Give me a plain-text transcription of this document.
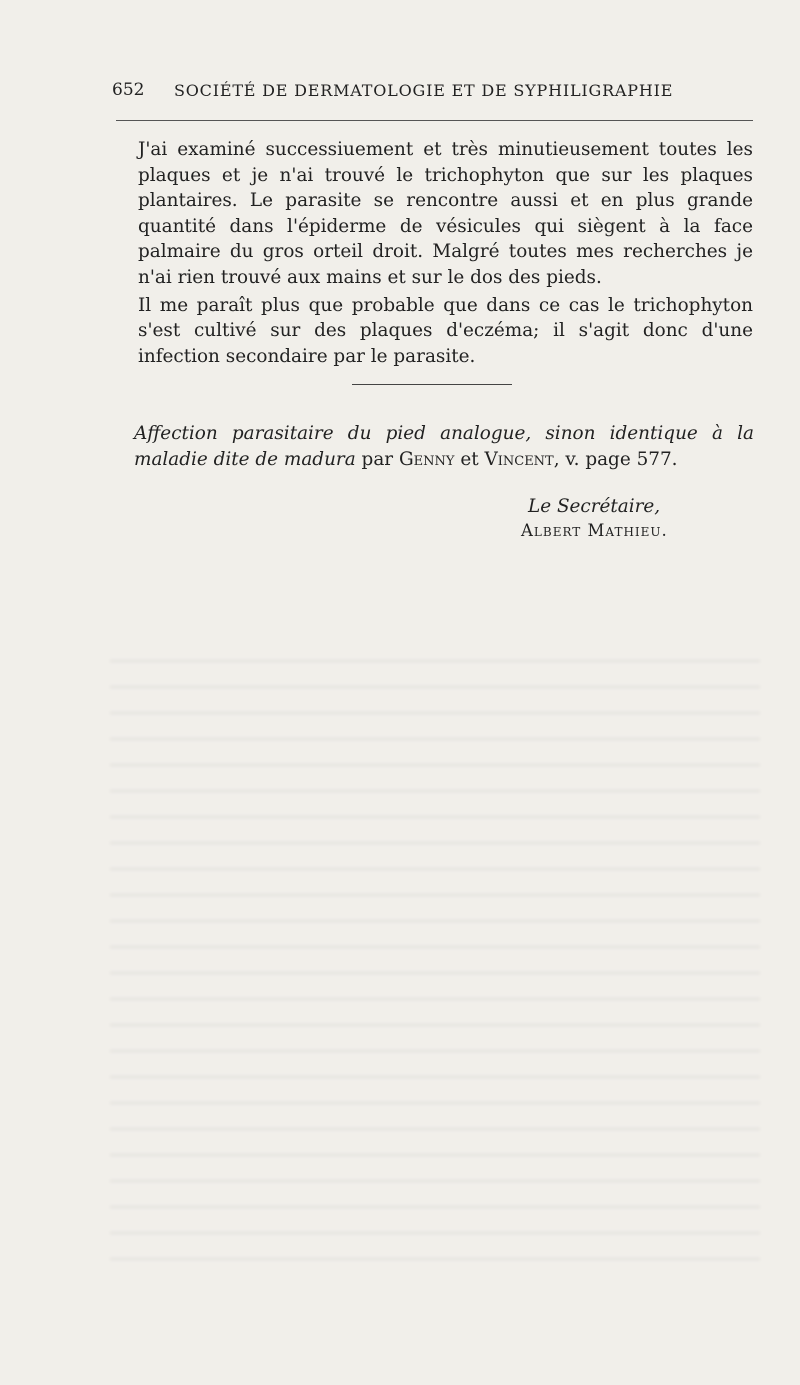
652 SOCIÉTÉ DE DERMATOLOGIE ET DE SYPHILIGRAPHIE

J'ai examiné successiuement et très minutieusement toutes les plaques et je n'ai trouvé le trichophyton que sur les plaques plantaires. Le parasite se rencontre aussi et en plus grande quantité dans l'épiderme de vésicules qui siègent à la face palmaire du gros orteil droit. Malgré toutes mes recherches je n'ai rien trouvé aux mains et sur le dos des pieds.

Il me paraît plus que probable que dans ce cas le trichophyton s'est cultivé sur des plaques d'eczéma; il s'agit donc d'une infection secondaire par le parasite.

Affection parasitaire du pied analogue, sinon identique à la maladie dite de madura par Genny et Vincent, v. page 577.
Le Secrétaire,
Albert Mathieu.
